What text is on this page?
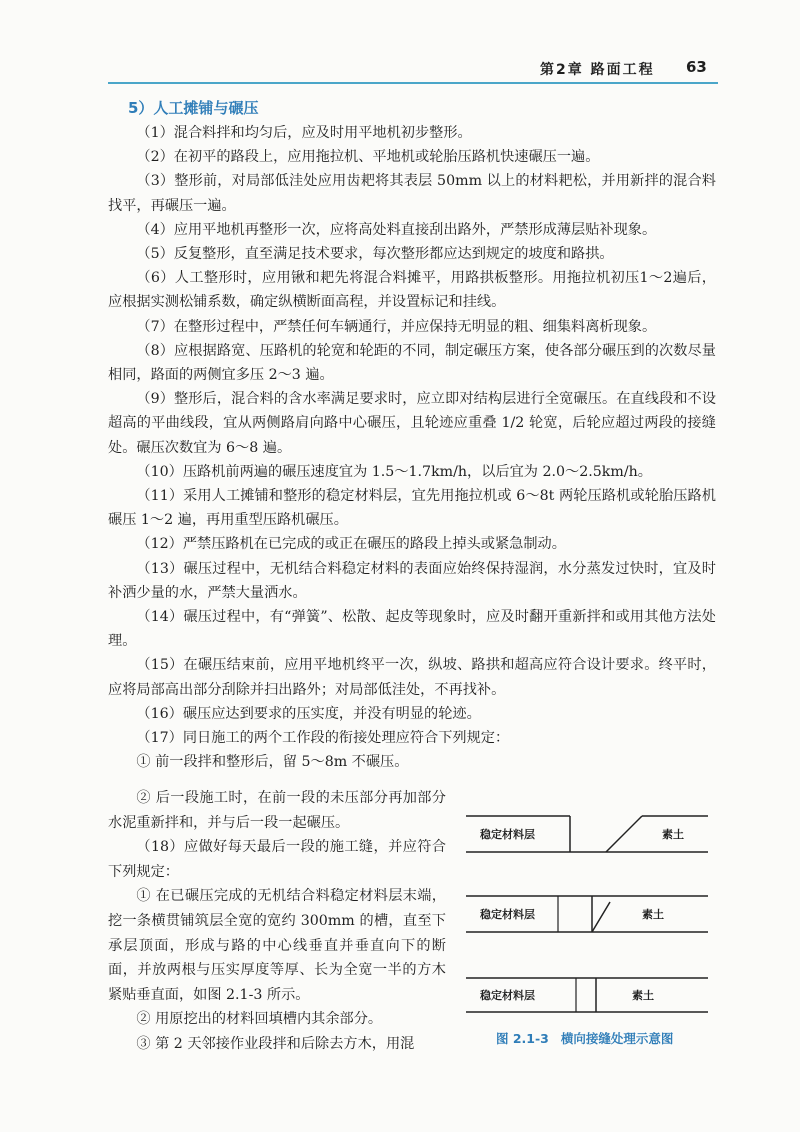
第2章 路面工程 63
5）人工摊铺与碾压

（1）混合料拌和均匀后，应及时用平地机初步整形。

（2）在初平的路段上，应用拖拉机、平地机或轮胎压路机快速碾压一遍。

（3）整形前，对局部低洼处应用齿耙将其表层 50mm 以上的材料耙松，并用新拌的混合料找平，再碾压一遍。

（4）应用平地机再整形一次，应将高处料直接刮出路外，严禁形成薄层贴补现象。

（5）反复整形，直至满足技术要求，每次整形都应达到规定的坡度和路拱。

（6）人工整形时，应用锹和耙先将混合料摊平，用路拱板整形。用拖拉机初压1～2遍后，应根据实测松铺系数，确定纵横断面高程，并设置标记和挂线。

（7）在整形过程中，严禁任何车辆通行，并应保持无明显的粗、细集料离析现象。

（8）应根据路宽、压路机的轮宽和轮距的不同，制定碾压方案，使各部分碾压到的次数尽量相同，路面的两侧宜多压 2～3 遍。

（9）整形后，混合料的含水率满足要求时，应立即对结构层进行全宽碾压。在直线段和不设超高的平曲线段，宜从两侧路肩向路中心碾压，且轮迹应重叠 1/2 轮宽，后轮应超过两段的接缝处。碾压次数宜为 6～8 遍。

（10）压路机前两遍的碾压速度宜为 1.5～1.7km/h，以后宜为 2.0～2.5km/h。

（11）采用人工摊铺和整形的稳定材料层，宜先用拖拉机或 6～8t 两轮压路机或轮胎压路机碾压 1～2 遍，再用重型压路机碾压。

（12）严禁压路机在已完成的或正在碾压的路段上掉头或紧急制动。

（13）碾压过程中，无机结合料稳定材料的表面应始终保持湿润，水分蒸发过快时，宜及时补洒少量的水，严禁大量洒水。

（14）碾压过程中，有“弹簧”、松散、起皮等现象时，应及时翻开重新拌和或用其他方法处理。

（15）在碾压结束前，应用平地机终平一次，纵坡、路拱和超高应符合设计要求。终平时，应将局部高出部分刮除并扫出路外；对局部低洼处，不再找补。

（16）碾压应达到要求的压实度，并没有明显的轮迹。

（17）同日施工的两个工作段的衔接处理应符合下列规定：

① 前一段拌和整形后，留 5～8m 不碾压。

② 后一段施工时，在前一段的未压部分再加部分水泥重新拌和，并与后一段一起碾压。

（18）应做好每天最后一段的施工缝，并应符合下列规定：

① 在已碾压完成的无机结合料稳定材料层末端，挖一条横贯铺筑层全宽的宽约 300mm 的槽，直至下承层顶面，形成与路的中心线垂直并垂直向下的断面，并放两根与压实厚度等厚、长为全宽一半的方木紧贴垂直面，如图 2.1-3 所示。

② 用原挖出的材料回填槽内其余部分。

③ 第 2 天邻接作业段拌和后除去方木，用混

稳定材料层	素土
稳定材料层	素土
稳定材料层	素土
图 2.1-3 横向接缝处理示意图
